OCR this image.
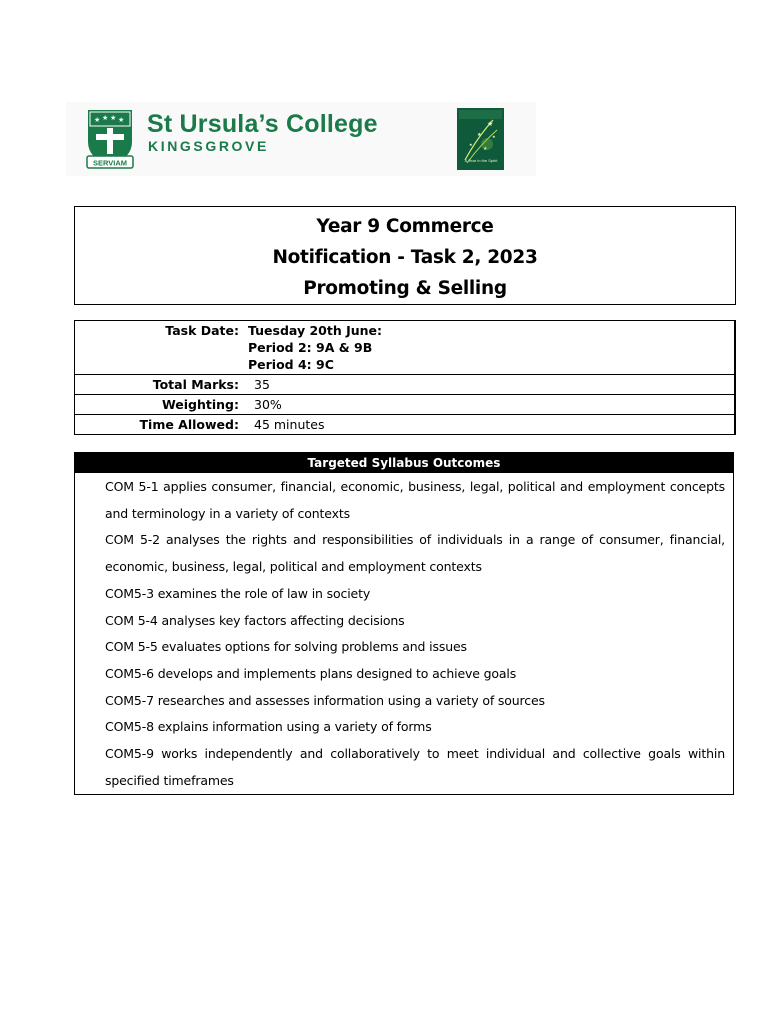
★ ★ ★ ★
SERVIAM
St Ursula’s College
KINGSGROVE
★
★	★
★
★
A Year in the Spirit
Year 9 Commerce
Notification - Task 2, 2023
Promoting & Selling
Task Date: Tuesday 20th June:
Period 2: 9A & 9B
Period 4: 9C
Total Marks:	35
Weighting:	30%
Time Allowed:	45 minutes
Targeted Syllabus Outcomes
COM 5-1 applies consumer, financial, economic, business, legal, political and employment concepts and terminology in a variety of contexts
COM 5-2 analyses the rights and responsibilities of individuals in a range of consumer, financial, economic, business, legal, political and employment contexts
COM5-3 examines the role of law in society
COM 5-4 analyses key factors affecting decisions
COM 5-5 evaluates options for solving problems and issues
COM5-6 develops and implements plans designed to achieve goals
COM5-7 researches and assesses information using a variety of sources
COM5-8 explains information using a variety of forms
COM5-9 works independently and collaboratively to meet individual and collective goals within specified timeframes
